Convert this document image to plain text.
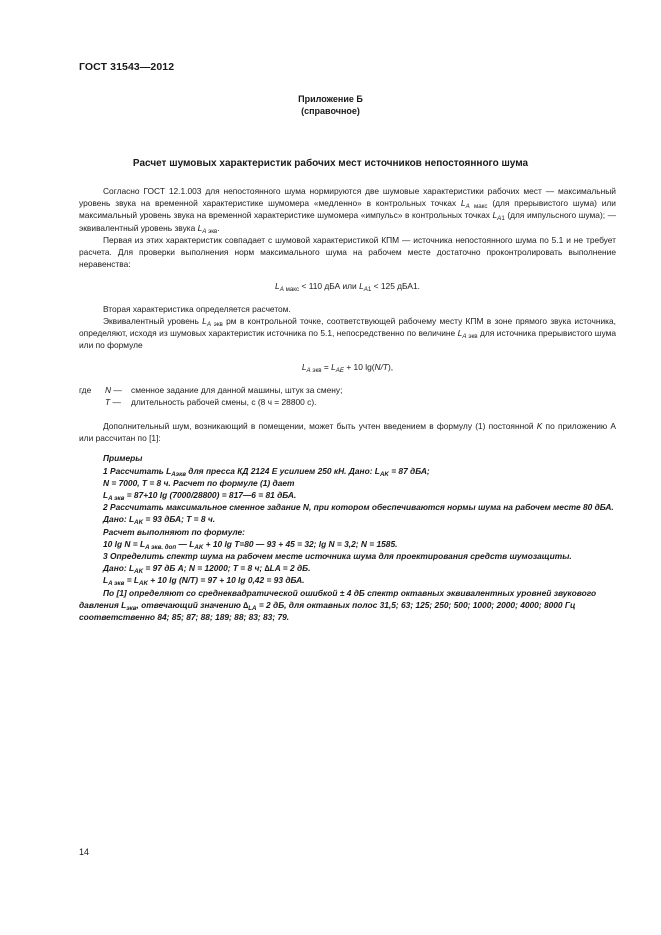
ГОСТ 31543—2012
Приложение Б
(справочное)
Расчет шумовых характеристик рабочих мест источников непостоянного шума

Согласно ГОСТ 12.1.003 для непостоянного шума нормируются две шумовые характеристики рабочих мест — максимальный уровень звука на временной характеристике шумомера «медленно» в контрольных точках $L_{A макс}$ (для прерывистого шума) или максимальный уровень звука на временной характеристике шумомера «импульс» в контрольных точках $L_{A1}$ (для импульсного шума); — эквивалентный уровень звука $L_{A экв}$.

Первая из этих характеристик совпадает с шумовой характеристикой КПМ — источника непостоянного шума по 5.1 и не требует расчета. Для проверки выполнения норм максимального шума на рабочем месте достаточно проконтролировать выполнение неравенства:

$L_{A макс} < 110$ дБА или $L_{A1} < 125$ дБА1.

Вторая характеристика определяется расчетом.

Эквивалентный уровень $L_{A экв}$ рм в контрольной точке, соответствующей рабочему месту КПМ в зоне прямого звука источника, определяют, исходя из шумовых характеристик источника по 5.1, непосредственно по величине $L_{A экв}$ для источника прерывистого шума или по формуле

$L_{A экв} = L_{AE} + 10$ lg(N/T),

где	N —	сменное задание для данной машины, штук за смену;
T —	длительность рабочей смены, с (8 ч = 28800 с).

Дополнительный шум, возникающий в помещении, может быть учтен введением в формулу (1) постоянной K по приложению А или рассчитан по [1]:

Примеры

1 Рассчитать $L_{Aэкв}$ для пресса КД 2124 Е усилием 250 кН. Дано: $L_{AK} = 87$ дБА;

N = 7000, T = 8 ч. Расчет по формуле (1) дает

$L_{A экв} = 87+10$ lg (7000/28800) = 817—6 = 81 дБА.

2 Рассчитать максимальное сменное задание N, при котором обеспечиваются нормы шума на рабочем месте 80 дБА.

Дано: $L_{AK} = 93$ дБА; T = 8 ч.

Расчет выполняют по формуле:

10 $\lg N = L_{A экв. доп}$ — $L_{AK} + 10$ lg T=80 — 93 + 45 = 32; lg N = 3,2; N = 1585.

3 Определить спектр шума на рабочем месте источника шума для проектирования средств шумозащиты.

Дано: $L_{AK} = 97$ дБ А; N = 12000; T = 8 ч; ∆LA = 2 дБ.

$L_{A экв} = L_{AK} + 10$ lg (N/T) = 97 + 10 lg 0,42 = 93 дБА.

По [1] определяют со среднеквадратической ошибкой ± 4 дБ спектр октавных эквивалентных уровней звукового давления $L_{экв}$, отвечающий значению $\Delta_{LA} = 2$ дБ, для октавных полос 31,5; 63; 125; 250; 500; 1000; 2000; 4000; 8000 Гц соответственно 84; 85; 87; 88; 189; 88; 83; 83; 79.

14
